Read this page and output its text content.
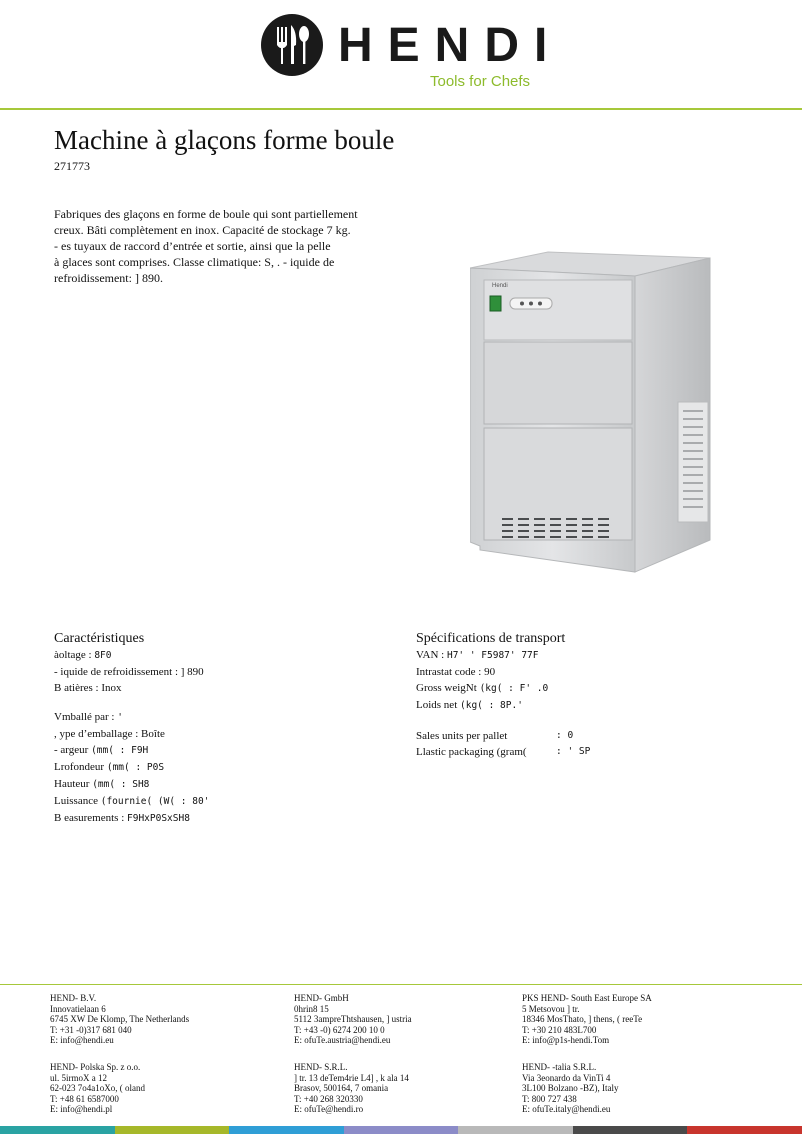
HENDI
Tools for Chefs
Machine à glaçons forme boule
271773
Fabriques des glaçons en forme de boule qui sont partiellement
creux. Bâti complètement en inox. Capacité de stockage 7 kg.
- es tuyaux de raccord d’entrée et sortie, ainsi que la pelle
à glaces sont comprises. Classe climatique: S, . - iquide de
refroidissement: ] 890.
Hendi
Caractéristiques
àoltage : 8F0
- iquide de refroidissement : ] 890
B atières : Inox
Vmballé par : '
, ype d’emballage : Boîte
- argeur (mm( : F9H
Lrofondeur (mm( : P0S
Hauteur (mm( : SH8
Luissance (fournie( (W( : 80'
B easurements : F9HxP0SxSH8
Spécifications de transport
VAN : H7' ' F5987' 77F
Intrastat code : 90
Gross weigNt (kg( : F' .0
Loids net (kg( : 8P.'
Sales units per pallet	: 0
Llastic packaging (gram(	: ' SP
HEND- B.V.
Innovatielaan 6
6745 XW De Klomp, The Netherlands
T: +31 -0)317 681 040
E: info@hendi.eu
HEND- GmbH
0hrin8 15
5112 3ampreThtshausen, ] ustria
T: +43 -0) 6274 200 10 0
E: ofuTe.austria@hendi.eu
PKS HEND- South East Europe SA
5 Metsovou ] tr.
18346 MosThato, ] thens, ( reeTe
T: +30 210 483L700
E: info@p1s-hendi.Tom
HEND- Polska Sp. z o.o.
ul. 5irmoX a 12
62-023 7o4a1oXo, ( oland
T: +48 61 6587000
E: info@hendi.pl
HEND- S.R.L.
] tr. 13 deTem4rie L4] , k ala 14
Brasov, 500164, 7 omania
T: +40 268 320330
E: ofuTe@hendi.ro
HEND- -talia S.R.L.
Via 3eonardo da VinTi 4
3L100 Bolzano -BZ), Italy
T: 800 727 438
E: ofuTe.italy@hendi.eu
